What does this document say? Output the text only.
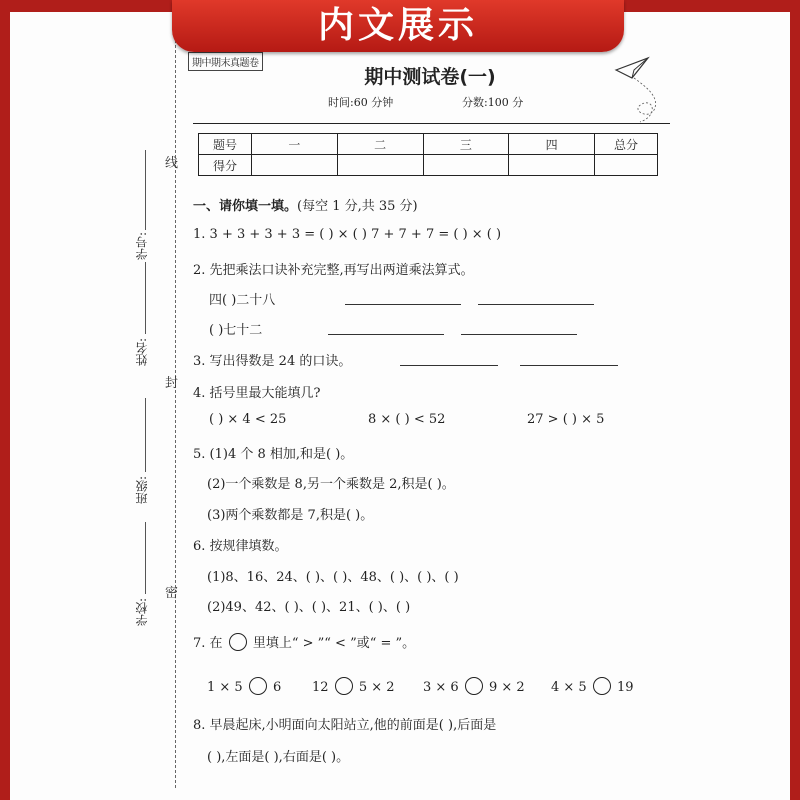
内文展示
线
封
密
学号:
姓名:
班级:
学校:
期中期末真题卷
期中测试卷(一)
时间:60 分钟	分数:100 分
题号	一	二	三	四	总分
得分					
一、请你填一填。(每空 1 分,共 35 分)
1. 3 + 3 + 3 + 3 = ( ) × ( ) 7 + 7 + 7 = ( ) × ( )
2. 先把乘法口诀补充完整,再写出两道乘法算式。
四( )二十八
( )七十二
3. 写出得数是 24 的口诀。
4. 括号里最大能填几?
( ) × 4 < 25	8 × ( ) < 52	27 > ( ) × 5
5. (1)4 个 8 相加,和是( )。
(2)一个乘数是 8,另一个乘数是 2,积是( )。
(3)两个乘数都是 7,积是( )。
6. 按规律填数。
(1)8、16、24、( )、( )、48、( )、( )、( )
(2)49、42、( )、( )、21、( )、( )
7. 在 里填上“ > ”“ < ”或“ = ”。
1 × 5 6 12 5 × 2 3 × 6 9 × 2 4 × 5 19
8. 早晨起床,小明面向太阳站立,他的前面是( ),后面是
( ),左面是( ),右面是( )。
